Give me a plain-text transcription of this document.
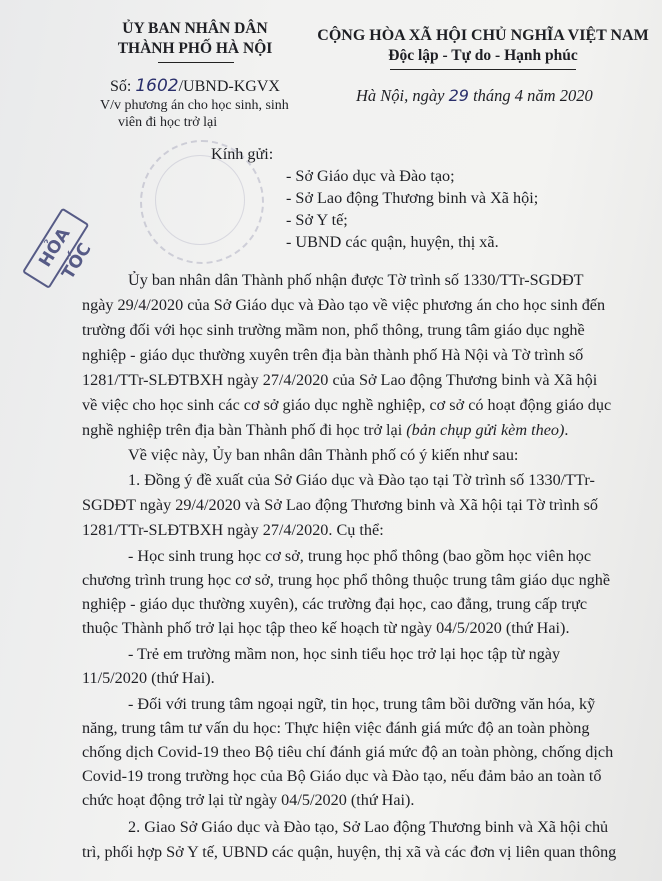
ỦY BAN NHÂN DÂN
THÀNH PHỐ HÀ NỘI
CỘNG HÒA XÃ HỘI CHỦ NGHĨA VIỆT NAM
Độc lập - Tự do - Hạnh phúc
Số: 1602/UBND-KGVX
V/v phương án cho học sinh, sinh
viên đi học trở lại
Hà Nội, ngày 29 tháng 4 năm 2020
HỎA TỐC
Kính gửi:
- Sở Giáo dục và Đào tạo;
- Sở Lao động Thương binh và Xã hội;
- Sở Y tế;
- UBND các quận, huyện, thị xã.
Ủy ban nhân dân Thành phố nhận được Tờ trình số 1330/TTr-SGDĐT
ngày 29/4/2020 của Sở Giáo dục và Đào tạo về việc phương án cho học sinh đến
trường đối với học sinh trường mầm non, phổ thông, trung tâm giáo dục nghề
nghiệp - giáo dục thường xuyên trên địa bàn thành phố Hà Nội và Tờ trình số
1281/TTr-SLĐTBXH ngày 27/4/2020 của Sở Lao động Thương binh và Xã hội
về việc cho học sinh các cơ sở giáo dục nghề nghiệp, cơ sở có hoạt động giáo dục
nghề nghiệp trên địa bàn Thành phố đi học trở lại (bản chụp gửi kèm theo).
Về việc này, Ủy ban nhân dân Thành phố có ý kiến như sau:
1. Đồng ý đề xuất của Sở Giáo dục và Đào tạo tại Tờ trình số 1330/TTr-
SGDĐT ngày 29/4/2020 và Sở Lao động Thương binh và Xã hội tại Tờ trình số
1281/TTr-SLĐTBXH ngày 27/4/2020. Cụ thể:
- Học sinh trung học cơ sở, trung học phổ thông (bao gồm học viên học
chương trình trung học cơ sở, trung học phổ thông thuộc trung tâm giáo dục nghề
nghiệp - giáo dục thường xuyên), các trường đại học, cao đẳng, trung cấp trực
thuộc Thành phố trở lại học tập theo kế hoạch từ ngày 04/5/2020 (thứ Hai).
- Trẻ em trường mầm non, học sinh tiểu học trở lại học tập từ ngày
11/5/2020 (thứ Hai).
- Đối với trung tâm ngoại ngữ, tin học, trung tâm bồi dưỡng văn hóa, kỹ
năng, trung tâm tư vấn du học: Thực hiện việc đánh giá mức độ an toàn phòng
chống dịch Covid-19 theo Bộ tiêu chí đánh giá mức độ an toàn phòng, chống dịch
Covid-19 trong trường học của Bộ Giáo dục và Đào tạo, nếu đảm bảo an toàn tổ
chức hoạt động trở lại từ ngày 04/5/2020 (thứ Hai).
2. Giao Sở Giáo dục và Đào tạo, Sở Lao động Thương binh và Xã hội chủ
trì, phối hợp Sở Y tế, UBND các quận, huyện, thị xã và các đơn vị liên quan thông
